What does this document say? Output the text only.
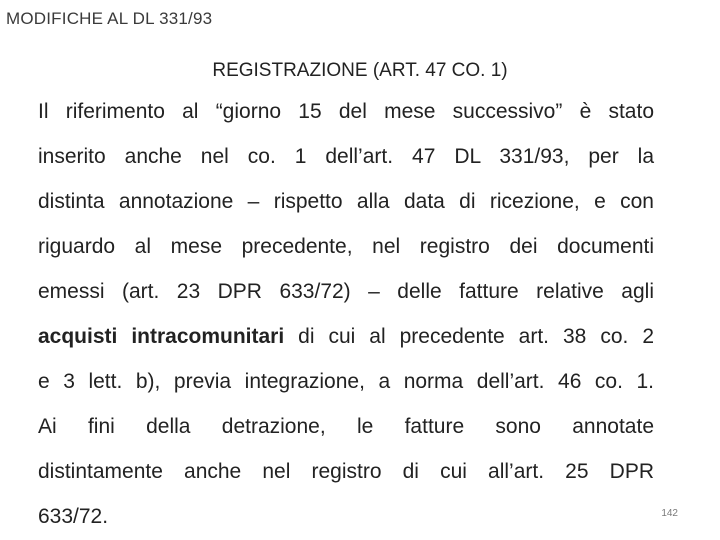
MODIFICHE AL DL 331/93
REGISTRAZIONE (ART. 47 CO. 1)
Il riferimento al “giorno 15 del mese successivo” è stato
inserito anche nel co. 1 dell’art. 47 DL 331/93, per la
distinta annotazione – rispetto alla data di ricezione, e con
riguardo al mese precedente, nel registro dei documenti
emessi (art. 23 DPR 633/72) – delle fatture relative agli
acquisti intracomunitari di cui al precedente art. 38 co. 2
e 3 lett. b), previa integrazione, a norma dell’art. 46 co. 1.
Ai fini della detrazione, le fatture sono annotate
distintamente anche nel registro di cui all’art. 25 DPR
633/72.	142
